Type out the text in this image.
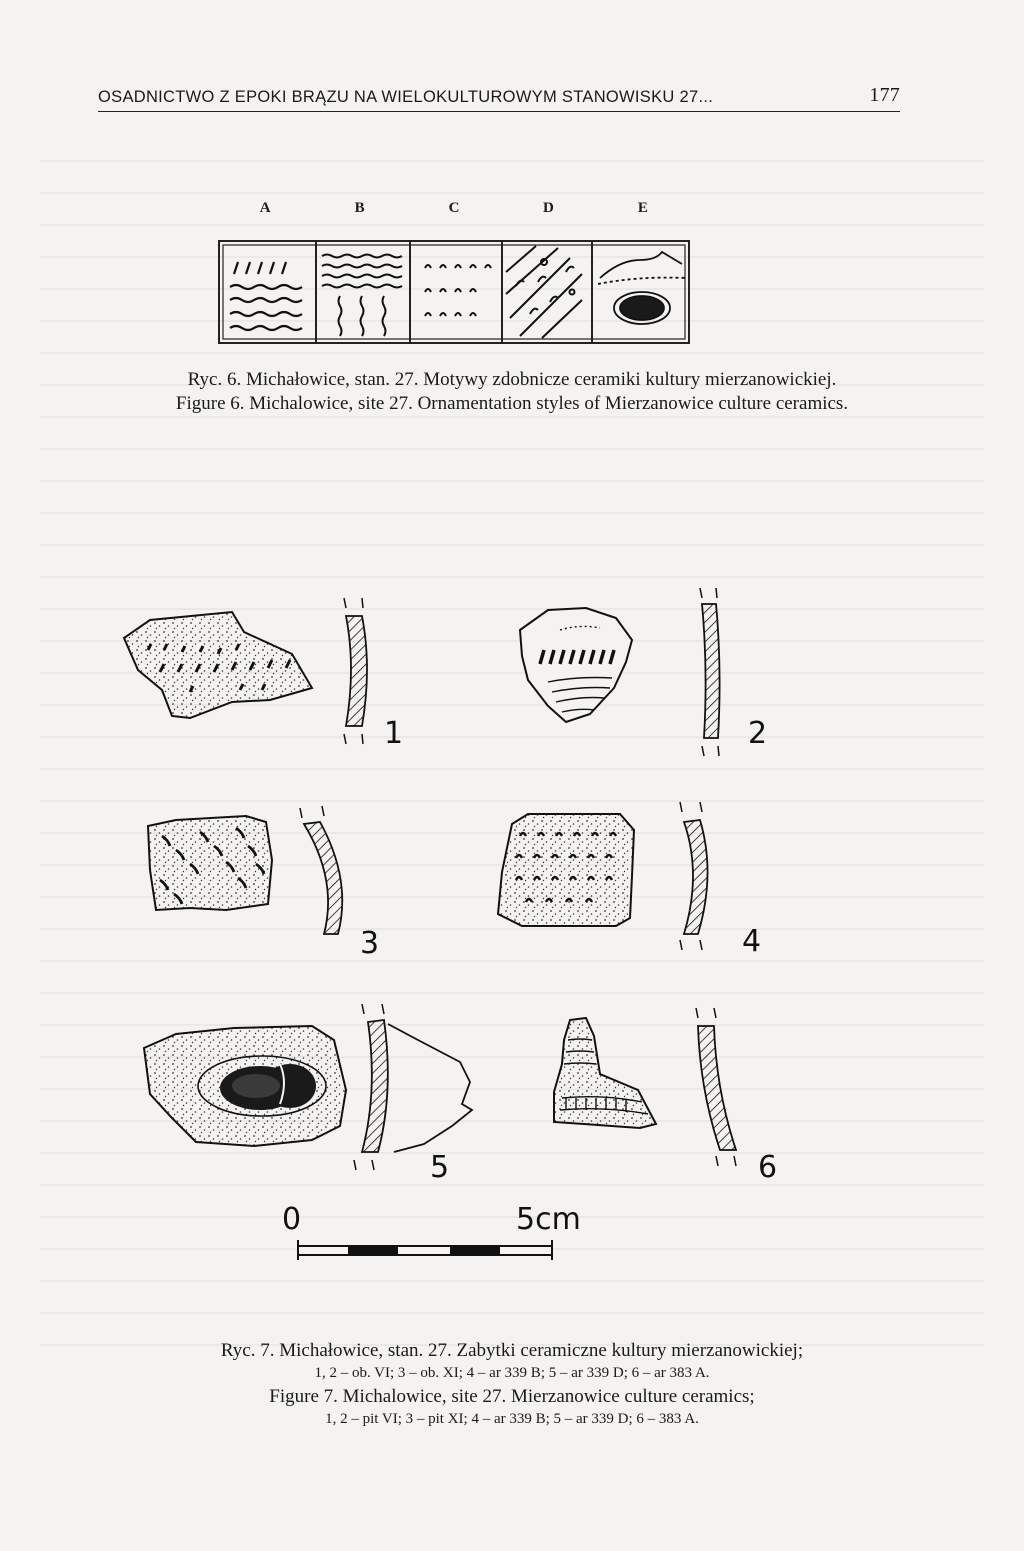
OSADNICTWO Z EPOKI BRĄZU NA WIELOKULTUROWYM STANOWISKU 27...	177
A	B	C	D	E
Ryc. 6. Michałowice, stan. 27. Motywy zdobnicze ceramiki kultury mierzanowickiej.
Figure 6. Michalowice, site 27. Ornamentation styles of Mierzanowice culture ceramics.
1	2
3	4
5	6
0	5cm
Ryc. 7. Michałowice, stan. 27. Zabytki ceramiczne kultury mierzanowickiej;
1, 2 – ob. VI; 3 – ob. XI; 4 – ar 339 B; 5 – ar 339 D; 6 – ar 383 A.
Figure 7. Michalowice, site 27. Mierzanowice culture ceramics;
1, 2 – pit VI; 3 – pit XI; 4 – ar 339 B; 5 – ar 339 D; 6 – 383 A.
